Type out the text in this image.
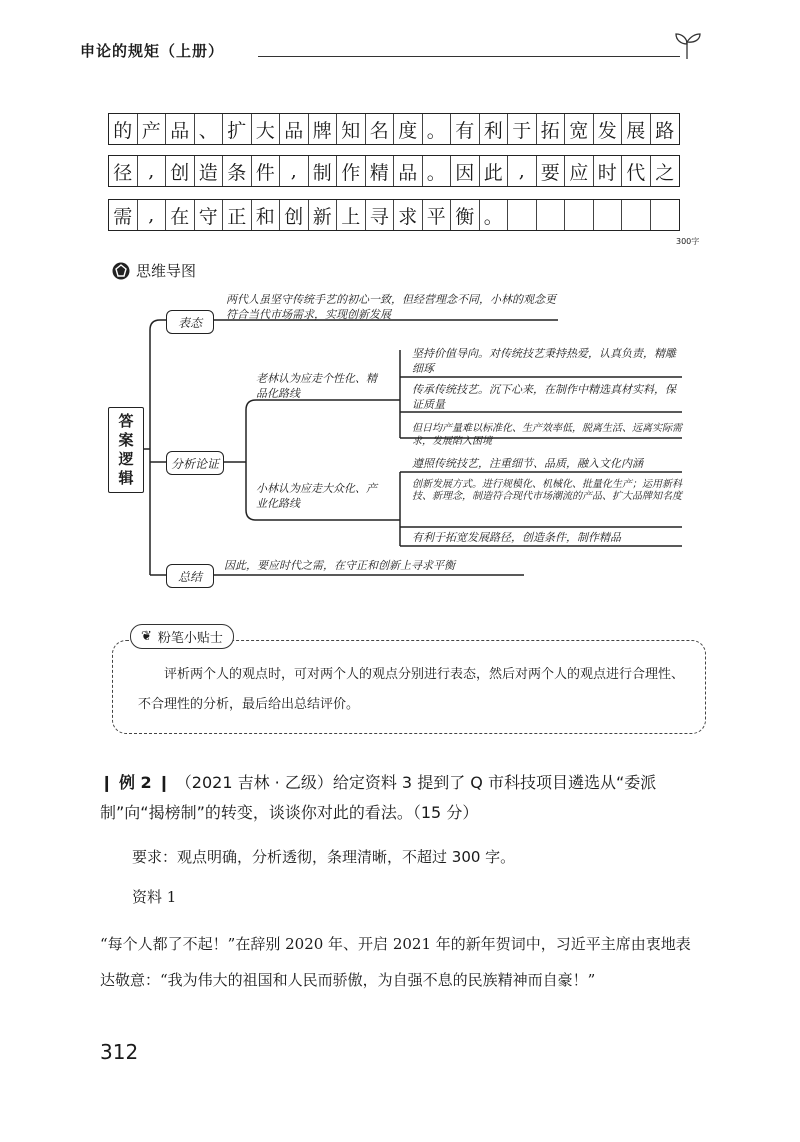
申论的规矩（上册）
的 产 品 、 扩 大 品 牌 知 名 度 。 有 利 于 拓 宽 发 展 路
径 , 创 造 条 件 , 制 作 精 品 。 因 此 , 要 应 时 代 之
需 , 在 守 正 和 创 新 上 寻 求 平 衡 。
300字
思维导图
答
案
逻
辑
表态
两代人虽坚守传统手艺的初心一致，但经营理念不同，小林的观念更符合当代市场需求，实现创新发展
分析论证
老林认为应走个性化、精品化路线
坚持价值导向。对传统技艺秉持热爱，认真负责，精雕细琢
传承传统技艺。沉下心来，在制作中精选真材实料，保证质量
但日均产量难以标准化、生产效率低，脱离生活、远离实际需求，发展陷入困境
小林认为应走大众化、产业化路线
遵照传统技艺，注重细节、品质，融入文化内涵
创新发展方式。进行规模化、机械化、批量化生产；运用新科技、新理念，制造符合现代市场潮流的产品、扩大品牌知名度
有利于拓宽发展路径，创造条件，制作精品
总结
因此，要应时代之需，在守正和创新上寻求平衡
❦ 粉笔小贴士
评析两个人的观点时，可对两个人的观点分别进行表态，然后对两个人的观点进行合理性、不合理性的分析，最后给出总结评价。
❙ 例 2 ❙ （2021 吉林 · 乙级）给定资料 3 提到了 Q 市科技项目遴选从“委派制”向“揭榜制”的转变，谈谈你对此的看法。（15 分）
要求：观点明确，分析透彻，条理清晰，不超过 300 字。
资料 1
“每个人都了不起！”在辞别 2020 年、开启 2021 年的新年贺词中，习近平主席由衷地表达敬意：“我为伟大的祖国和人民而骄傲，为自强不息的民族精神而自豪！”
312
